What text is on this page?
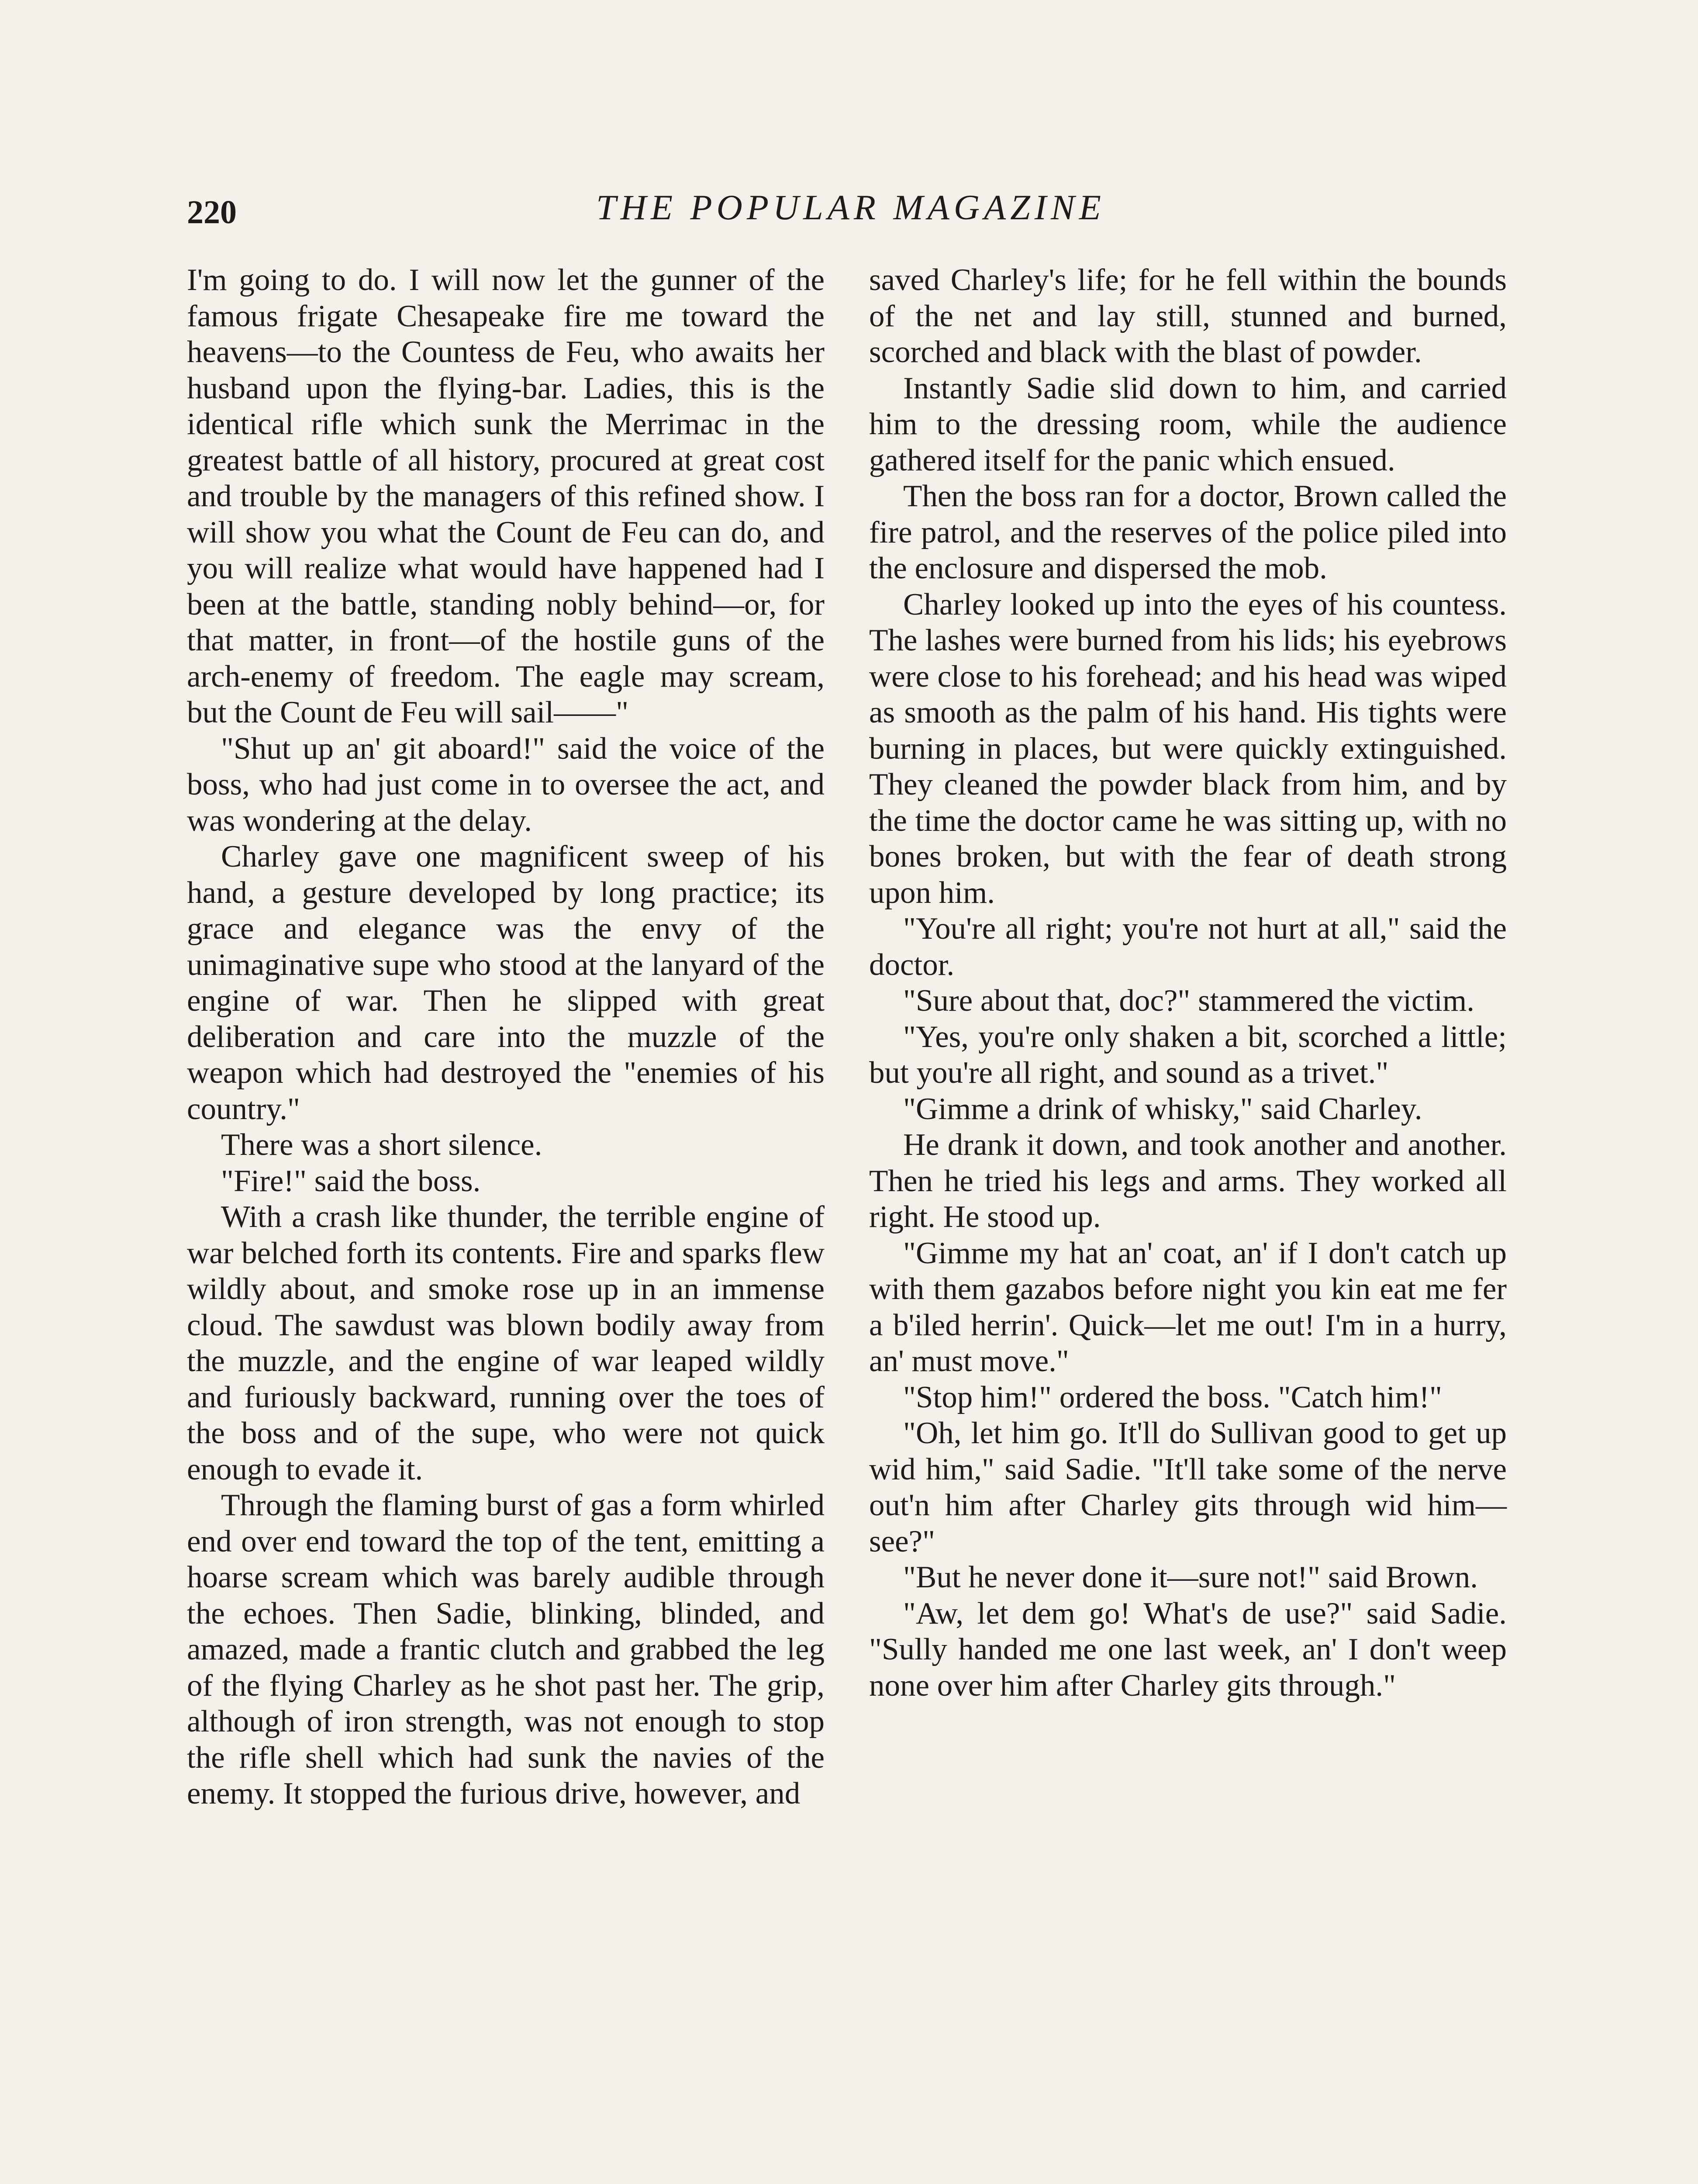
220	THE POPULAR MAGAZINE

I'm going to do. I will now let the gunner of the famous frigate Chesapeake fire me toward the heavens—to the Countess de Feu, who awaits her husband upon the flying-bar. Ladies, this is the identical rifle which sunk the Merrimac in the greatest battle of all history, procured at great cost and trouble by the managers of this refined show. I will show you what the Count de Feu can do, and you will realize what would have happened had I been at the battle, standing nobly behind—or, for that matter, in front—of the hostile guns of the arch-enemy of freedom. The eagle may scream, but the Count de Feu will sail——"

"Shut up an' git aboard!" said the voice of the boss, who had just come in to oversee the act, and was wondering at the delay.

Charley gave one magnificent sweep of his hand, a gesture developed by long practice; its grace and elegance was the envy of the unimaginative supe who stood at the lanyard of the engine of war. Then he slipped with great deliberation and care into the muzzle of the weapon which had destroyed the "enemies of his country."

There was a short silence.

"Fire!" said the boss.

With a crash like thunder, the terrible engine of war belched forth its contents. Fire and sparks flew wildly about, and smoke rose up in an immense cloud. The sawdust was blown bodily away from the muzzle, and the engine of war leaped wildly and furiously backward, running over the toes of the boss and of the supe, who were not quick enough to evade it.

Through the flaming burst of gas a form whirled end over end toward the top of the tent, emitting a hoarse scream which was barely audible through the echoes. Then Sadie, blinking, blinded, and amazed, made a frantic clutch and grabbed the leg of the flying Charley as he shot past her. The grip, although of iron strength, was not enough to stop the rifle shell which had sunk the navies of the enemy. It stopped the furious drive, however, and

saved Charley's life; for he fell within the bounds of the net and lay still, stunned and burned, scorched and black with the blast of powder.

Instantly Sadie slid down to him, and carried him to the dressing room, while the audience gathered itself for the panic which ensued.

Then the boss ran for a doctor, Brown called the fire patrol, and the reserves of the police piled into the enclosure and dispersed the mob.

Charley looked up into the eyes of his countess. The lashes were burned from his lids; his eyebrows were close to his forehead; and his head was wiped as smooth as the palm of his hand. His tights were burning in places, but were quickly extinguished. They cleaned the powder black from him, and by the time the doctor came he was sitting up, with no bones broken, but with the fear of death strong upon him.

"You're all right; you're not hurt at all," said the doctor.

"Sure about that, doc?" stammered the victim.

"Yes, you're only shaken a bit, scorched a little; but you're all right, and sound as a trivet."

"Gimme a drink of whisky," said Charley.

He drank it down, and took another and another. Then he tried his legs and arms. They worked all right. He stood up.

"Gimme my hat an' coat, an' if I don't catch up with them gazabos before night you kin eat me fer a b'iled herrin'. Quick—let me out! I'm in a hurry, an' must move."

"Stop him!" ordered the boss. "Catch him!"

"Oh, let him go. It'll do Sullivan good to get up wid him," said Sadie. "It'll take some of the nerve out'n him after Charley gits through wid him—see?"

"But he never done it—sure not!" said Brown.

"Aw, let dem go! What's de use?" said Sadie. "Sully handed me one last week, an' I don't weep none over him after Charley gits through."
